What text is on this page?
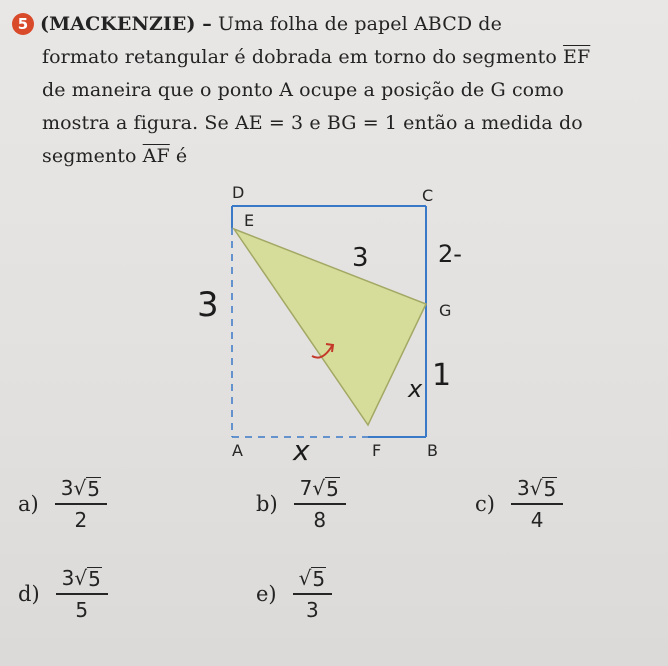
5 (MACKENZIE) – Uma folha de papel ABCD de
formato retangular é dobrada em torno do segmento $\overline{EF}$
de maneira que o ponto A ocupe a posição de G como
mostra a figura. Se AE = 3 e BG = 1 então a medida do
segmento $\overline{AF}$ é
3
3	2-
1
x
x
D	C
E
G
A	F	B
$a) \frac{3 √ 5}{2}$	$b) \frac{7 √ 5}{8}$	$c) \frac{3 √ 5}{4}$
$d) \frac{3 √ 5}{5}$	$e) \frac{√ 5}{3}$
